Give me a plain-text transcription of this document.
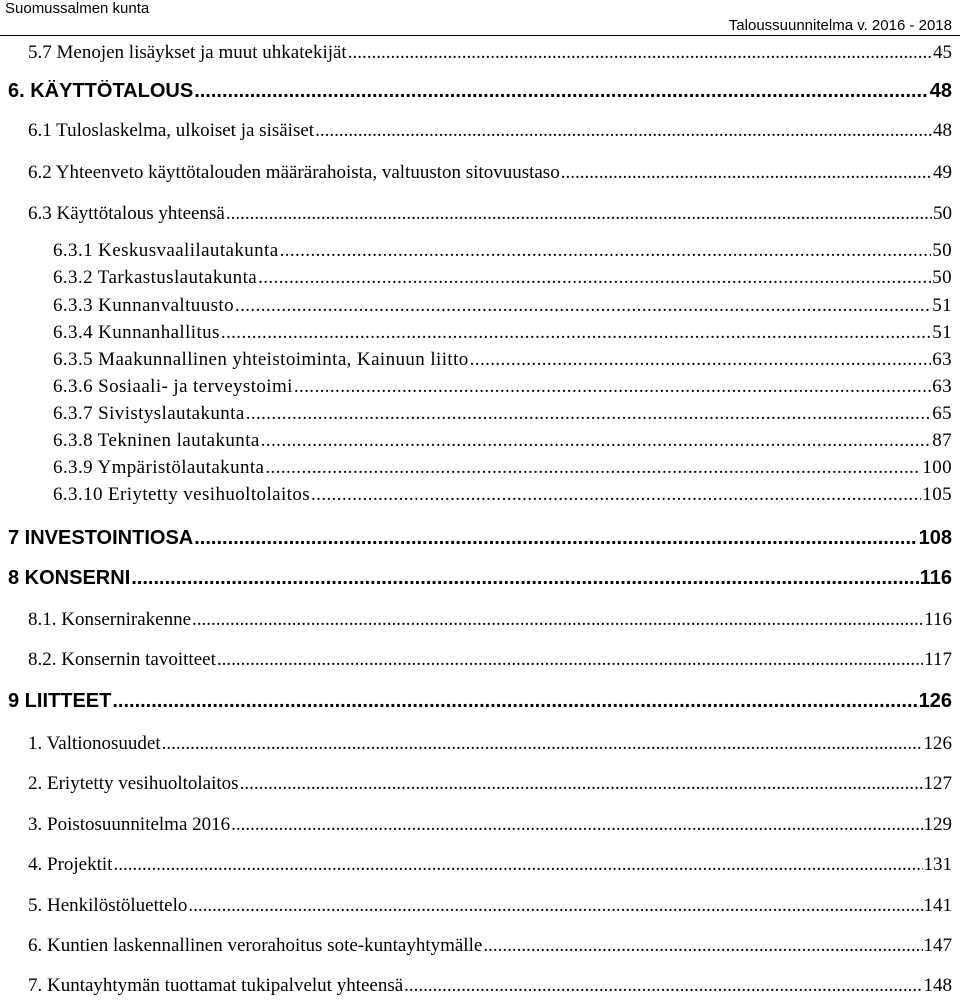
Suomussalmen kunta
Taloussuunnitelma v. 2016 - 2018
5.7 Menojen lisäykset ja muut uhkatekijät .....	45
6. KÄYTTÖTALOUS .....	48
6.1 Tuloslaskelma, ulkoiset ja sisäiset .....	48
6.2 Yhteenveto käyttötalouden määrärahoista, valtuuston sitovuustaso .....	49
6.3 Käyttötalous yhteensä .....	50
6.3.1 Keskusvaalilautakunta .....	50
6.3.2 Tarkastuslautakunta .....	50
6.3.3 Kunnanvaltuusto .....	51
6.3.4 Kunnanhallitus .....	51
6.3.5 Maakunnallinen yhteistoiminta, Kainuun liitto .....	63
6.3.6 Sosiaali- ja terveystoimi .....	63
6.3.7 Sivistyslautakunta .....	65
6.3.8 Tekninen lautakunta .....	87
6.3.9 Ympäristölautakunta .....	100
6.3.10 Eriytetty vesihuoltolaitos .....	105
7 INVESTOINTIOSA .....	108
8 KONSERNI .....	116
8.1. Konsernirakenne .....	116
8.2. Konsernin tavoitteet .....	117
9 LIITTEET .....	126
1. Valtionosuudet .....	126
2. Eriytetty vesihuoltolaitos .....	127
3. Poistosuunnitelma 2016 .....	129
4. Projektit .....	131
5. Henkilöstöluettelo .....	141
6. Kuntien laskennallinen verorahoitus sote-kuntayhtymälle .....	147
7. Kuntayhtymän tuottamat tukipalvelut yhteensä .....	148
